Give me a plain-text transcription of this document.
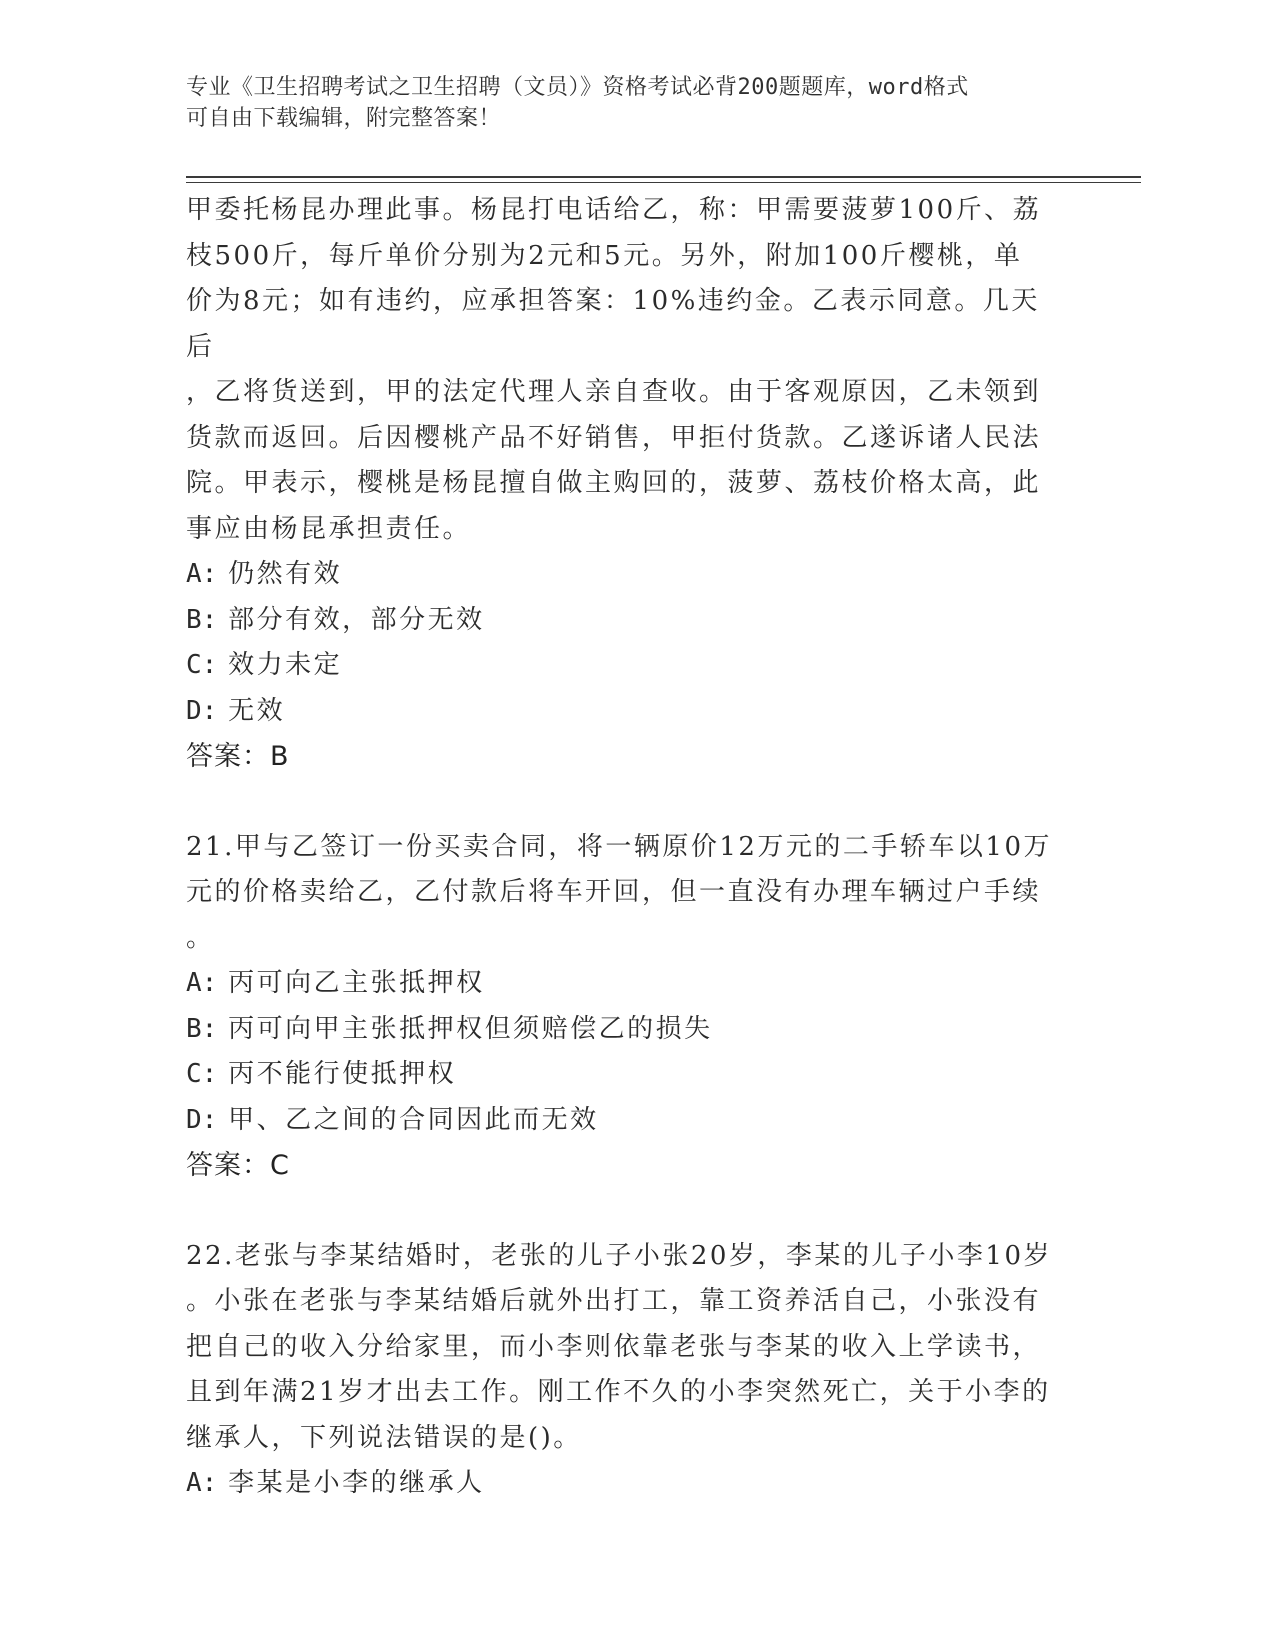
专业《卫生招聘考试之卫生招聘（文员）》资格考试必背200题题库，word格式
可自由下载编辑，附完整答案！

甲委托杨昆办理此事。杨昆打电话给乙，称：甲需要菠萝100斤、荔

枝500斤，每斤单价分别为2元和5元。另外，附加100斤樱桃，单

价为8元；如有违约，应承担答案：10%违约金。乙表示同意。几天后

，乙将货送到，甲的法定代理人亲自查收。由于客观原因，乙未领到

货款而返回。后因樱桃产品不好销售，甲拒付货款。乙遂诉诸人民法

院。甲表示，樱桃是杨昆擅自做主购回的，菠萝、荔枝价格太高，此

事应由杨昆承担责任。

A: 仍然有效

B: 部分有效，部分无效

C: 效力未定

D: 无效

答案：B

21.甲与乙签订一份买卖合同，将一辆原价12万元的二手轿车以10万

元的价格卖给乙，乙付款后将车开回，但一直没有办理车辆过户手续

。

A: 丙可向乙主张抵押权

B: 丙可向甲主张抵押权但须赔偿乙的损失

C: 丙不能行使抵押权

D: 甲、乙之间的合同因此而无效

答案：C

22.老张与李某结婚时，老张的儿子小张20岁，李某的儿子小李10岁

。小张在老张与李某结婚后就外出打工，靠工资养活自己，小张没有

把自己的收入分给家里，而小李则依靠老张与李某的收入上学读书，

且到年满21岁才出去工作。刚工作不久的小李突然死亡，关于小李的

继承人，下列说法错误的是()。

A: 李某是小李的继承人
